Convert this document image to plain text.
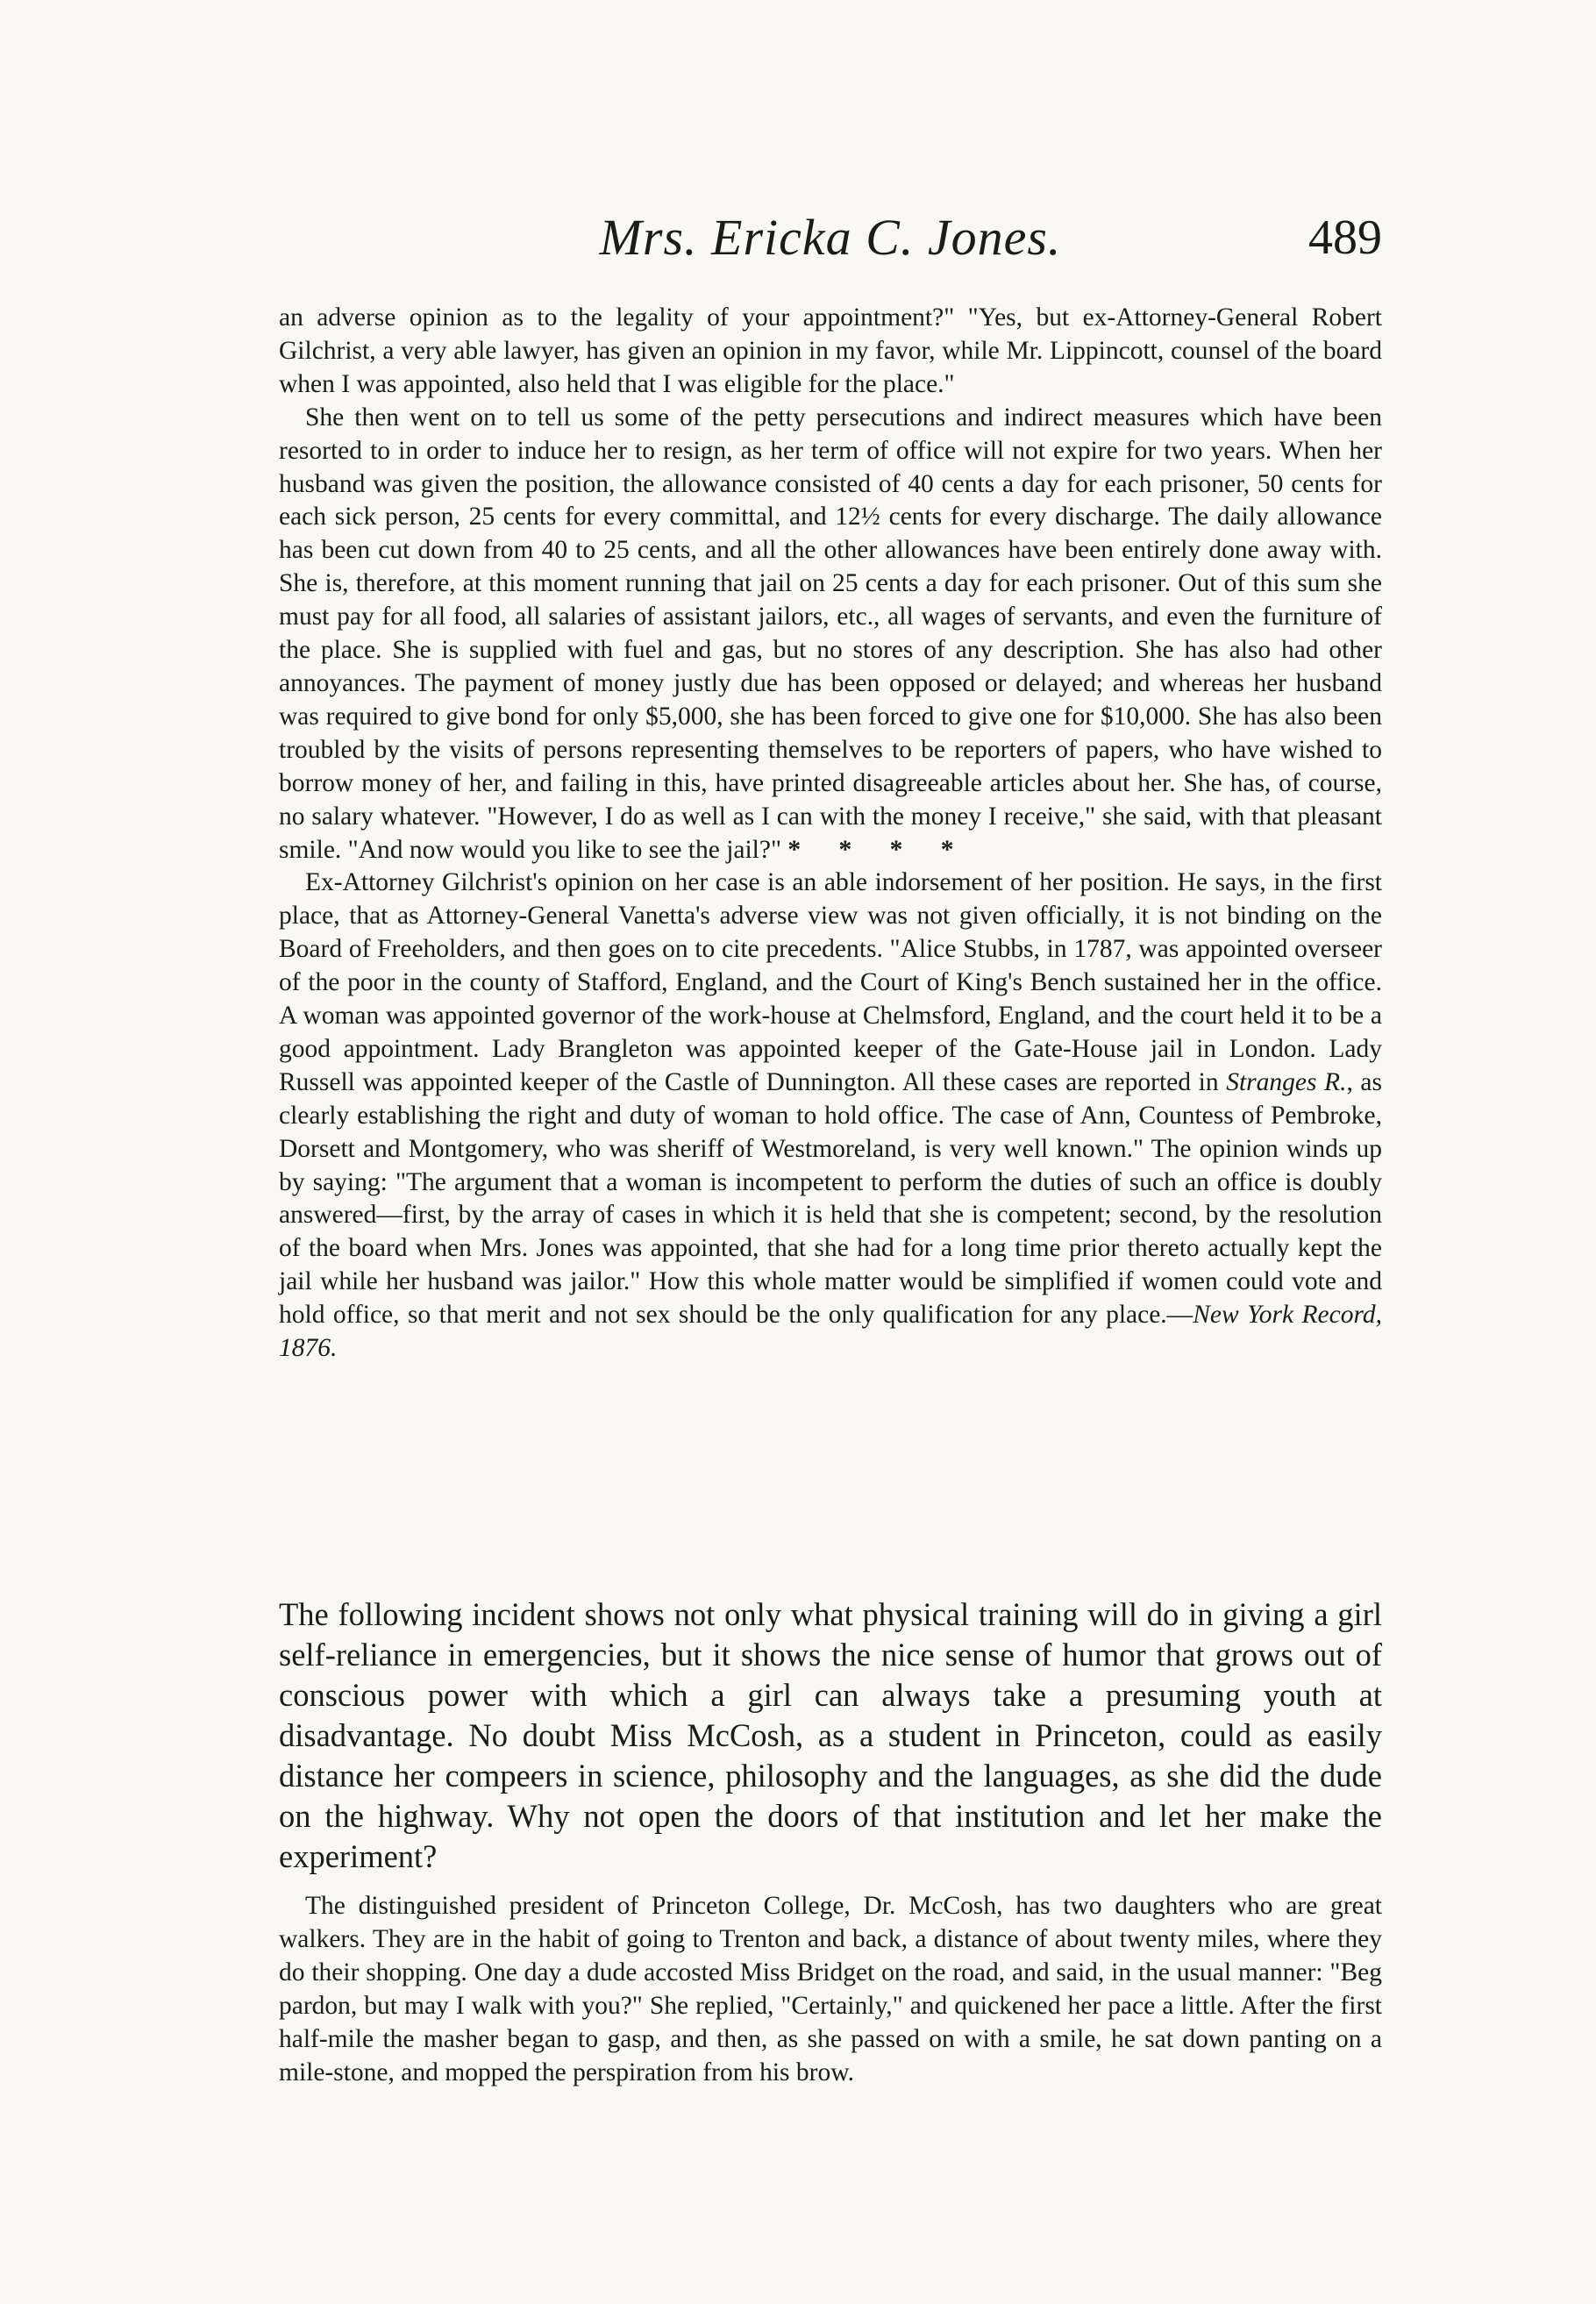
Mrs. Ericka C. Jones.	489

an adverse opinion as to the legality of your appointment?" "Yes, but ex-Attorney-General Robert Gilchrist, a very able lawyer, has given an opinion in my favor, while Mr. Lippincott, counsel of the board when I was appointed, also held that I was eligible for the place."

She then went on to tell us some of the petty persecutions and indirect measures which have been resorted to in order to induce her to resign, as her term of office will not expire for two years. When her husband was given the position, the allowance consisted of 40 cents a day for each prisoner, 50 cents for each sick person, 25 cents for every committal, and 12½ cents for every discharge. The daily allowance has been cut down from 40 to 25 cents, and all the other allowances have been entirely done away with. She is, therefore, at this moment running that jail on 25 cents a day for each prisoner. Out of this sum she must pay for all food, all salaries of assistant jailors, etc., all wages of servants, and even the furniture of the place. She is supplied with fuel and gas, but no stores of any description. She has also had other annoyances. The payment of money justly due has been opposed or delayed; and whereas her husband was required to give bond for only $5,000, she has been forced to give one for $10,000. She has also been troubled by the visits of persons representing themselves to be reporters of papers, who have wished to borrow money of her, and failing in this, have printed disagreeable articles about her. She has, of course, no salary whatever. "However, I do as well as I can with the money I receive," she said, with that pleasant smile. "And now would you like to see the jail?" * * * *

Ex-Attorney Gilchrist's opinion on her case is an able indorsement of her position. He says, in the first place, that as Attorney-General Vanetta's adverse view was not given officially, it is not binding on the Board of Freeholders, and then goes on to cite precedents. "Alice Stubbs, in 1787, was appointed overseer of the poor in the county of Stafford, England, and the Court of King's Bench sustained her in the office. A woman was appointed governor of the work-house at Chelmsford, England, and the court held it to be a good appointment. Lady Brangleton was appointed keeper of the Gate-House jail in London. Lady Russell was appointed keeper of the Castle of Dunnington. All these cases are reported in Stranges R., as clearly establishing the right and duty of woman to hold office. The case of Ann, Countess of Pembroke, Dorsett and Montgomery, who was sheriff of Westmoreland, is very well known." The opinion winds up by saying: "The argument that a woman is incompetent to perform the duties of such an office is doubly answered—first, by the array of cases in which it is held that she is competent; second, by the resolution of the board when Mrs. Jones was appointed, that she had for a long time prior thereto actually kept the jail while her husband was jailor." How this whole matter would be simplified if women could vote and hold office, so that merit and not sex should be the only qualification for any place.—New York Record, 1876.

The following incident shows not only what physical training will do in giving a girl self-reliance in emergencies, but it shows the nice sense of humor that grows out of conscious power with which a girl can always take a presuming youth at disadvantage. No doubt Miss McCosh, as a student in Princeton, could as easily distance her compeers in science, philosophy and the languages, as she did the dude on the highway. Why not open the doors of that institution and let her make the experiment?

The distinguished president of Princeton College, Dr. McCosh, has two daughters who are great walkers. They are in the habit of going to Trenton and back, a distance of about twenty miles, where they do their shopping. One day a dude accosted Miss Bridget on the road, and said, in the usual manner: "Beg pardon, but may I walk with you?" She replied, "Certainly," and quickened her pace a little. After the first half-mile the masher began to gasp, and then, as she passed on with a smile, he sat down panting on a mile-stone, and mopped the perspiration from his brow.
